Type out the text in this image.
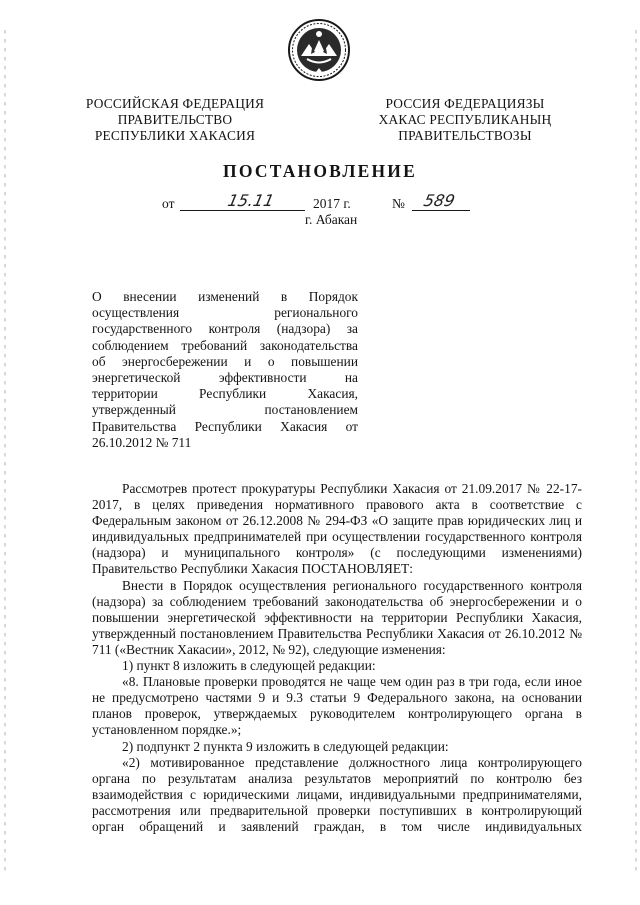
РОССИЙСКАЯ ФЕДЕРАЦИЯ
ПРАВИТЕЛЬСТВО
РЕСПУБЛИКИ ХАКАСИЯ
РОССИЯ ФЕДЕРАЦИЯЗЫ
ХАКАС РЕСПУБЛИКАНЫҢ
ПРАВИТЕЛЬСТВОЗЫ
ПОСТАНОВЛЕНИЕ
от	15.11	2017 г.	№ 589
г. Абакан
О внесении изменений в Порядок
осуществления регионального
государственного контроля (надзора) за
соблюдением требований законодательства
об энергосбережении и о повышении
энергетической эффективности на
территории Республики Хакасия,
утвержденный постановлением
Правительства Республики Хакасия от
26.10.2012 № 711

Рассмотрев протест прокуратуры Республики Хакасия от 21.09.2017 № 22-17-2017, в целях приведения нормативного правового акта в соответствие с Федеральным законом от 26.12.2008 № 294-ФЗ «О защите прав юридических лиц и индивидуальных предпринимателей при осуществлении государственного контроля (надзора) и муниципального контроля» (с последующими изменениями) Правительство Республики Хакасия ПОСТАНОВЛЯЕТ:

Внести в Порядок осуществления регионального государственного контроля (надзора) за соблюдением требований законодательства об энергосбережении и о повышении энергетической эффективности на территории Республики Хакасия, утвержденный постановлением Правительства Республики Хакасия от 26.10.2012 № 711 («Вестник Хакасии», 2012, № 92), следующие изменения:

1) пункт 8 изложить в следующей редакции:

«8. Плановые проверки проводятся не чаще чем один раз в три года, если иное не предусмотрено частями 9 и 9.3 статьи 9 Федерального закона, на основании планов проверок, утверждаемых руководителем контролирующего органа в установленном порядке.»;

2) подпункт 2 пункта 9 изложить в следующей редакции:

«2) мотивированное представление должностного лица контролирующего органа по результатам анализа результатов мероприятий по контролю без взаимодействия с юридическими лицами, индивидуальными предпринимателями, рассмотрения или предварительной проверки поступивших в контролирующий орган обращений и заявлений граждан, в том числе индивидуальных
